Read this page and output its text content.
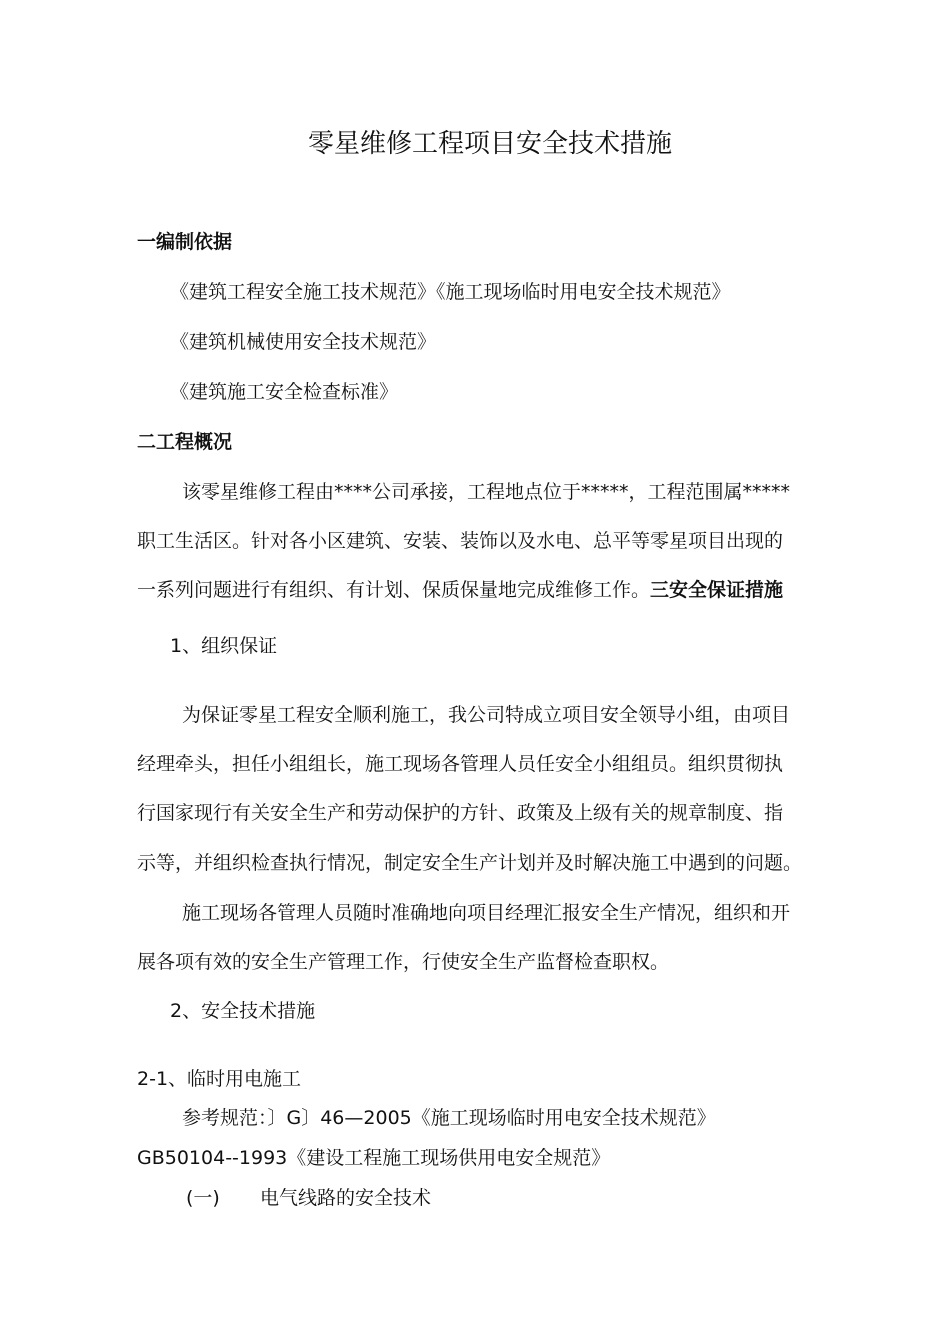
零星维修工程项目安全技术措施
一编制依据
《建筑工程安全施工技术规范》《施工现场临时用电安全技术规范》
《建筑机械使用安全技术规范》
《建筑施工安全检查标准》
二工程概况
该零星维修工程由****公司承接，工程地点位于*****，工程范围属*****
职工生活区。针对各小区建筑、安装、装饰以及水电、总平等零星项目出现的
一系列问题进行有组织、有计划、保质保量地完成维修工作。三安全保证措施
1、组织保证
为保证零星工程安全顺利施工，我公司特成立项目安全领导小组，由项目
经理牵头，担任小组组长，施工现场各管理人员任安全小组组员。组织贯彻执
行国家现行有关安全生产和劳动保护的方针、政策及上级有关的规章制度、指
示等，并组织检查执行情况，制定安全生产计划并及时解决施工中遇到的问题。
施工现场各管理人员随时准确地向项目经理汇报安全生产情况，组织和开
展各项有效的安全生产管理工作，行使安全生产监督检查职权。
2、安全技术措施
2-1、临时用电施工
参考规范：〕G〕46—2005《施工现场临时用电安全技术规范》
GB50104--1993《建设工程施工现场供用电安全规范》
(一) 电气线路的安全技术
